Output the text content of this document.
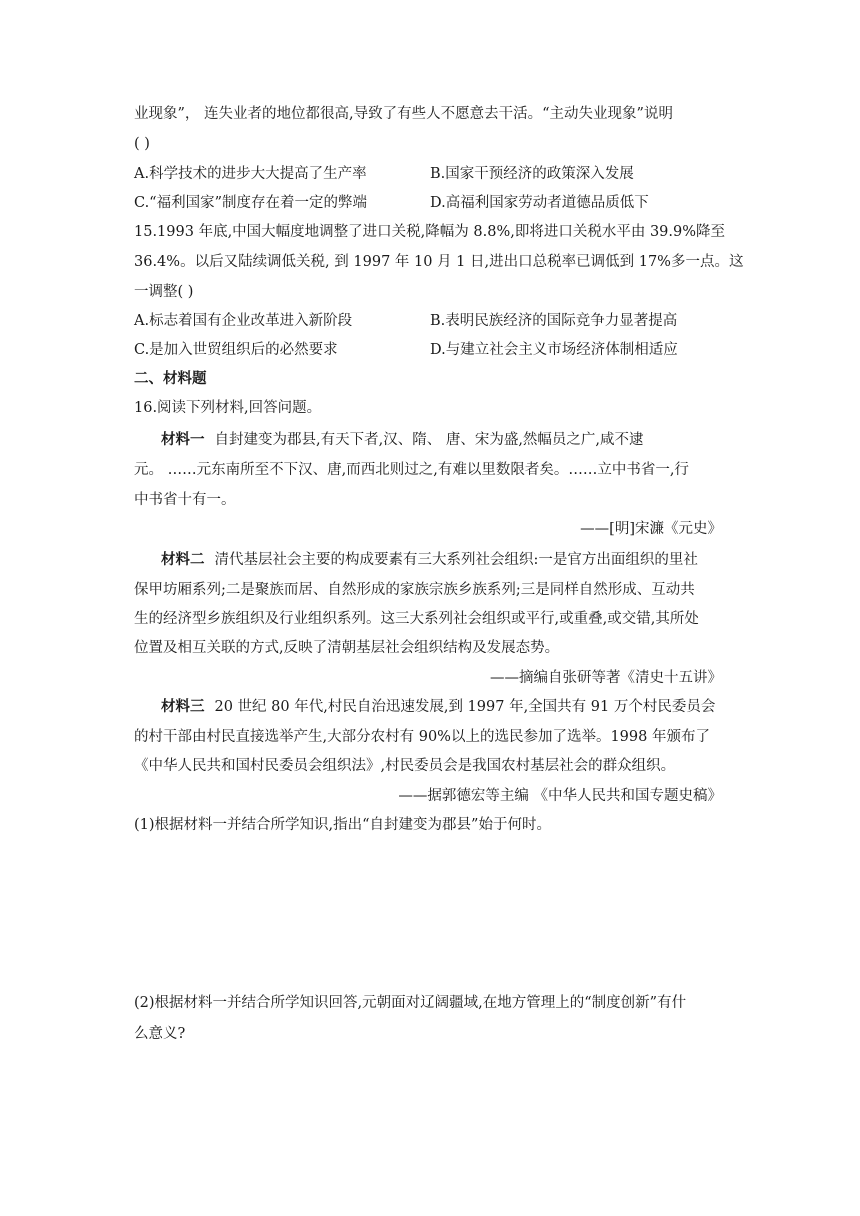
业现象”， 连失业者的地位都很高,导致了有些人不愿意去干活。“主动失业现象”说明
( )
A.科学技术的进步大大提高了生产率	B.国家干预经济的政策深入发展
C.“福利国家”制度存在着一定的弊端	D.高福利国家劳动者道德品质低下
15.1993 年底,中国大幅度地调整了进口关税,降幅为 8.8%,即将进口关税水平由 39.9%降至
36.4%。以后又陆续调低关税, 到 1997 年 10 月 1 日,进出口总税率已调低到 17%多一点。这
一调整( )
A.标志着国有企业改革进入新阶段	B.表明民族经济的国际竞争力显著提高
C.是加入世贸组织后的必然要求	D.与建立社会主义市场经济体制相适应
二、材料题
16.阅读下列材料,回答问题。
材料一 自封建变为郡县,有天下者,汉、隋、 唐、宋为盛,然幅员之广,咸不逮
元。 ……元东南所至不下汉、唐,而西北则过之,有难以里数限者矣。……立中书省一,行
中书省十有一。
——[明]宋濂《元史》
材料二 清代基层社会主要的构成要素有三大系列社会组织:一是官方出面组织的里社
保甲坊厢系列;二是聚族而居、自然形成的家族宗族乡族系列;三是同样自然形成、互动共
生的经济型乡族组织及行业组织系列。这三大系列社会组织或平行,或重叠,或交错,其所处
位置及相互关联的方式,反映了清朝基层社会组织结构及发展态势。
——摘编自张研等著《清史十五讲》
材料三 20 世纪 80 年代,村民自治迅速发展,到 1997 年,全国共有 91 万个村民委员会
的村干部由村民直接选举产生,大部分农村有 90%以上的选民参加了选举。1998 年颁布了
《中华人民共和国村民委员会组织法》,村民委员会是我国农村基层社会的群众组织。
——据郭德宏等主编 《中华人民共和国专题史稿》
(1)根据材料一并结合所学知识,指出“自封建变为郡县”始于何时。
(2)根据材料一并结合所学知识回答,元朝面对辽阔疆域,在地方管理上的“制度创新”有什
么意义?
